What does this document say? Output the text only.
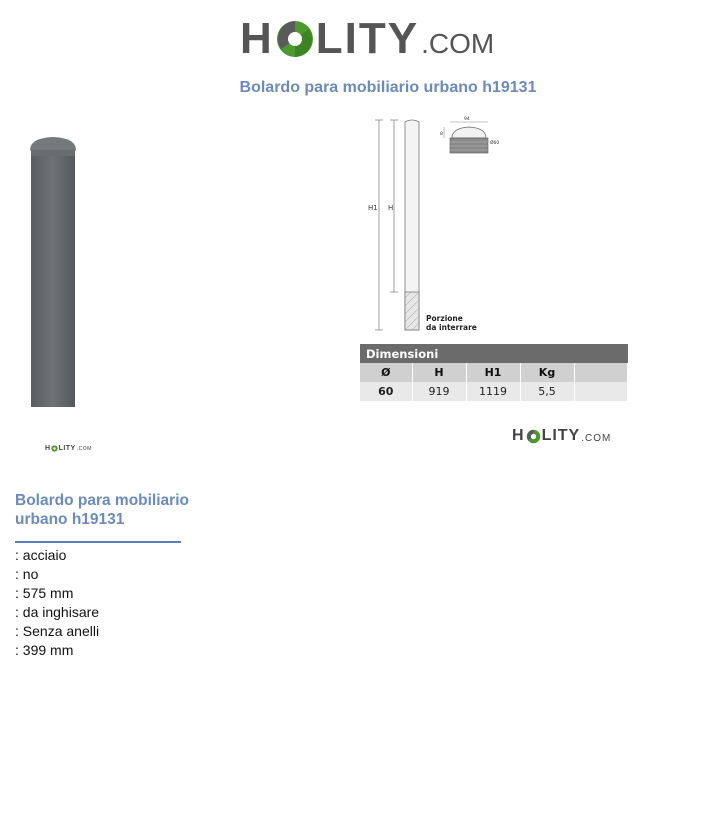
H LITY .COM
Bolardo para mobiliario urbano h19131
H LITY .COM
H1 H
Porzione
da interrare
94
8
Ø60
Dimensioni				
Ø	H	H1	Kg	
60	919	1119	5,5	
H LITY .COM
Bolardo para mobiliario urbano h19131
: acciaio
: no
: 575 mm
: da inghisare
: Senza anelli
: 399 mm
